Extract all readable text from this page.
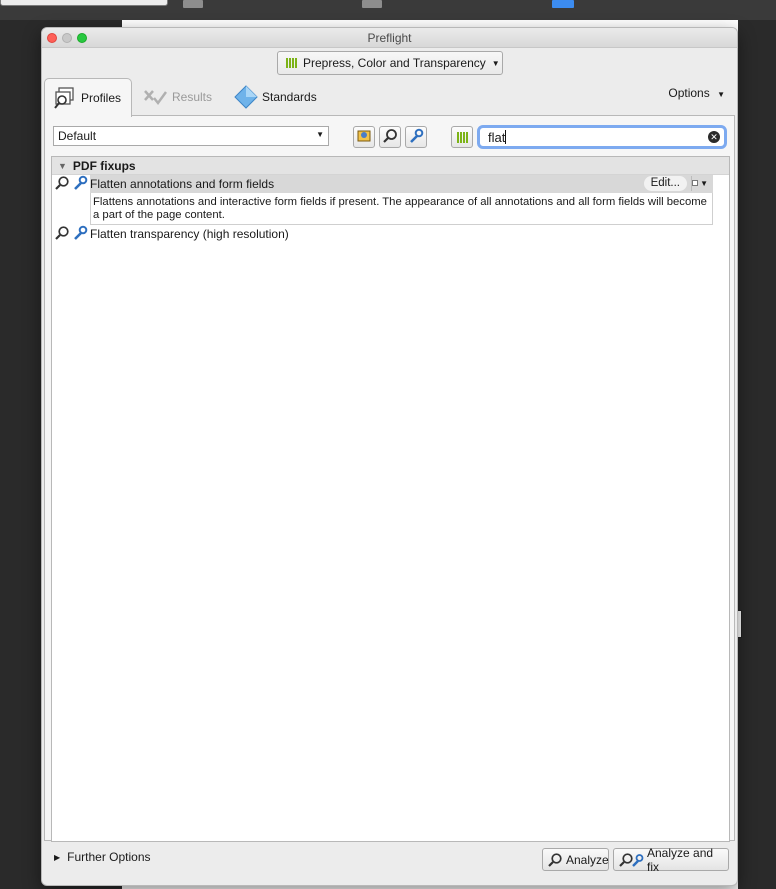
Preflight
Prepress, Color and Transparency ▼
Profiles	Results	Standards	Options ▼
Default	▼	flat	✕
▼ PDF fixups
Flatten annotations and form fields	Edit...	▼
Flattens annotations and interactive form fields if present. The appearance of all annotations and all form fields will become a part of the page content.
Flatten transparency (high resolution)
▶ Further Options	Analyze	Analyze and fix
